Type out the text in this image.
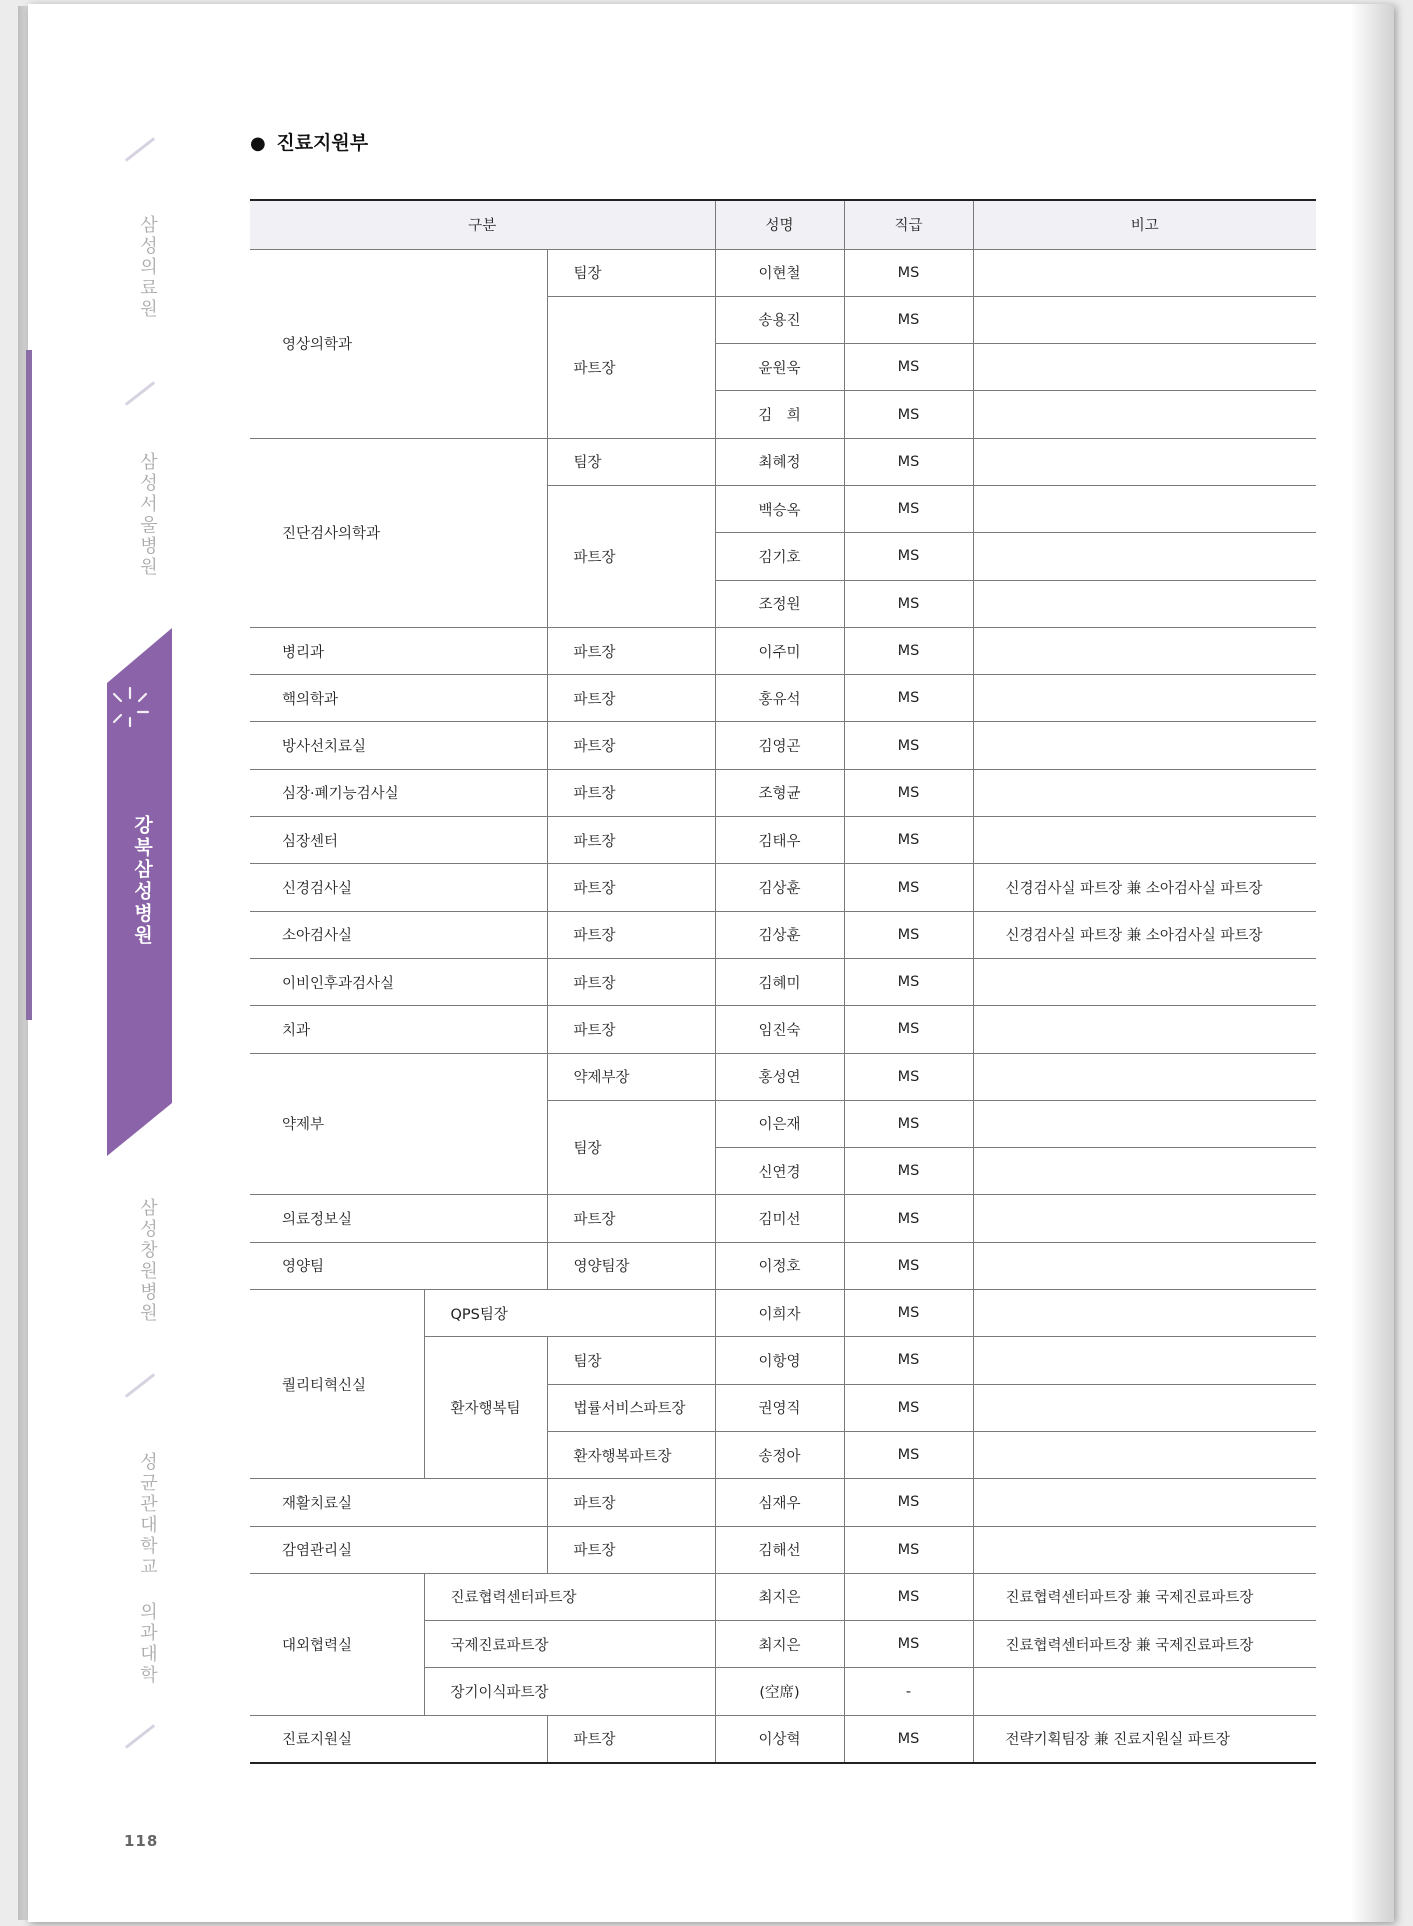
삼성의료원
삼성서울병원
강북삼성병원
삼성창원병원
성균관대학교 의과대학
118
● 진료지원부
구분			성명	직급	비고
영상의학과		팀장	이현철	MS	
		파트장	송용진	MS	
			윤원욱	MS	
			김　희	MS	
진단검사의학과		팀장	최혜정	MS	
		파트장	백승옥	MS	
			김기호	MS	
			조정원	MS	
병리과		파트장	이주미	MS	
핵의학과		파트장	홍유석	MS	
방사선치료실		파트장	김영곤	MS	
심장·폐기능검사실		파트장	조형균	MS	
심장센터		파트장	김태우	MS	
신경검사실		파트장	김상훈	MS	신경검사실 파트장 兼 소아검사실 파트장
소아검사실		파트장	김상훈	MS	신경검사실 파트장 兼 소아검사실 파트장
이비인후과검사실		파트장	김혜미	MS	
치과		파트장	임진숙	MS	
약제부		약제부장	홍성연	MS	
		팀장	이은재	MS	
			신연경	MS	
의료정보실		파트장	김미선	MS	
영양팀		영양팀장	이정호	MS	
퀄리티혁신실	QPS팀장		이희자	MS	
	환자행복팀	팀장	이항영	MS	
		법률서비스파트장	권영직	MS	
		환자행복파트장	송정아	MS	
재활치료실		파트장	심재우	MS	
감염관리실		파트장	김해선	MS	
대외협력실	진료협력센터파트장		최지은	MS	진료협력센터파트장 兼 국제진료파트장
	국제진료파트장		최지은	MS	진료협력센터파트장 兼 국제진료파트장
	장기이식파트장		(空席)	-	
진료지원실		파트장	이상혁	MS	전략기획팀장 兼 진료지원실 파트장
